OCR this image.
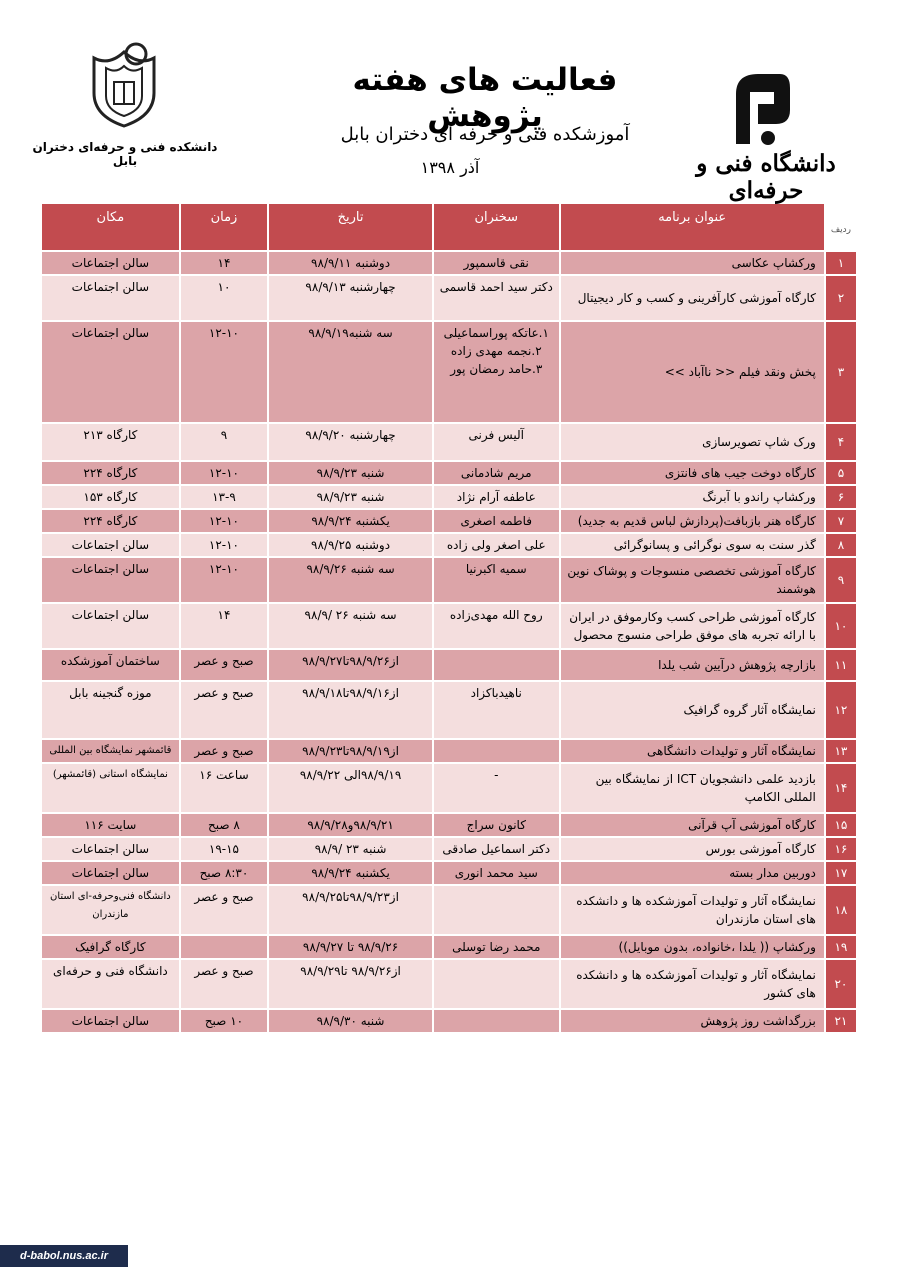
دانشکده فنی و حرفه‌ای دختران بابل
فعالیت های هفته پژوهش
آموزشکده فنی و حرفه ای دختران بابل
آذر ۱۳۹۸	دانشگاه فنی و حرفه‌ای
ردیف	عنوان برنامه	سخنران	تاریخ	زمان	مکان
۱	ورکشاپ عکاسی	نقی قاسمپور	دوشنبه ۹۸/۹/۱۱	۱۴	سالن اجتماعات
۲	کارگاه آموزشی کارآفرینی و کسب و کار دیجیتال	دکتر سید احمد قاسمی	چهارشنبه ۹۸/۹/۱۳	۱۰	سالن اجتماعات
۳	پخش ونقد فیلم << ناآباد >>	۱.عاتکه پوراسماعیلی ۲.نجمه مهدی زاده ۳.حامد رمضان پور	سه شنبه۹۸/۹/۱۹	۱۲-۱۰	سالن اجتماعات
۴	ورک شاپ تصویرسازی	آلیس فرنی	چهارشنبه ۹۸/۹/۲۰	۹	کارگاه ۲۱۳
۵	کارگاه دوخت جیب های فانتزی	مریم شادمانی	شنبه ۹۸/۹/۲۳	۱۲-۱۰	کارگاه ۲۲۴
۶	ورکشاپ راندو با آبرنگ	عاطفه آرام نژاد	شنبه ۹۸/۹/۲۳	۱۳-۹	کارگاه ۱۵۳
۷	کارگاه هنر بازبافت(پردازش لباس قدیم به جدید)	فاطمه اصغری	یکشنبه ۹۸/۹/۲۴	۱۲-۱۰	کارگاه ۲۲۴
۸	گذر سنت به سوی نوگرائی و پسانوگرائی	علی اصغر ولی زاده	دوشنبه ۹۸/۹/۲۵	۱۲-۱۰	سالن اجتماعات
۹	کارگاه آموزشی تخصصی منسوجات و پوشاک نوین هوشمند	سمیه اکبرنیا	سه شنبه ۹۸/۹/۲۶	۱۲-۱۰	سالن اجتماعات
۱۰	کارگاه آموزشی طراحی کسب وکارموفق در ایران با ارائه تجربه های موفق طراحی منسوج محصول	روح الله مهدی‌زاده	سه شنبه ۲۶ /۹۸/۹	۱۴	سالن اجتماعات
۱۱	بازارچه پژوهش درآیین شب یلدا		از۹۸/۹/۲۶تا۹۸/۹/۲۷	صبح و عصر	ساختمان آموزشکده
۱۲	نمایشگاه آثار گروه گرافیک	ناهیدباکزاد	از۹۸/۹/۱۶تا۹۸/۹/۱۸	صبح و عصر	موزه گنجینه بابل
۱۳	نمایشگاه آثار و تولیدات دانشگاهی		از۹۸/۹/۱۹تا۹۸/۹/۲۳	صبح و عصر	قائمشهر نمایشگاه بین المللی
۱۴	بازدید علمی دانشجویان ICT از نمایشگاه بین المللی الکامپ	-	۹۸/۹/۱۹الی ۹۸/۹/۲۲	ساعت ۱۶	نمایشگاه استانی (قائمشهر)
۱۵	کارگاه آموزشی آپ قرآنی	کانون سراج	۹۸/۹/۲۱و۹۸/۹/۲۸	۸ صبح	سایت ۱۱۶
۱۶	کارگاه آموزشی بورس	دکتر اسماعیل صادقی	شنبه ۲۳ /۹۸/۹	۱۹-۱۵	سالن اجتماعات
۱۷	دوربین مدار بسته	سید محمد انوری	یکشنبه ۹۸/۹/۲۴	۸:۳۰ صبح	سالن اجتماعات
۱۸	نمایشگاه آثار و تولیدات آموزشکده ها و دانشکده های استان مازندران		از۹۸/۹/۲۳تا۹۸/۹/۲۵	صبح و عصر	دانشگاه فنی‌وحرفه-ای استان مازندران
۱۹	ورکشاپ (( یلدا ،خانواده، بدون موبایل))	محمد رضا توسلی	۹۸/۹/۲۶ تا ۹۸/۹/۲۷		کارگاه گرافیک
۲۰	نمایشگاه آثار و تولیدات آموزشکده ها و دانشکده های کشور		از۹۸/۹/۲۶ تا۹۸/۹/۲۹	صبح و عصر	دانشگاه فنی و حرفه‌ای
۲۱	بزرگداشت روز پژوهش		شنبه ۹۸/۹/۳۰	۱۰ صبح	سالن اجتماعات
d-babol.nus.ac.ir
